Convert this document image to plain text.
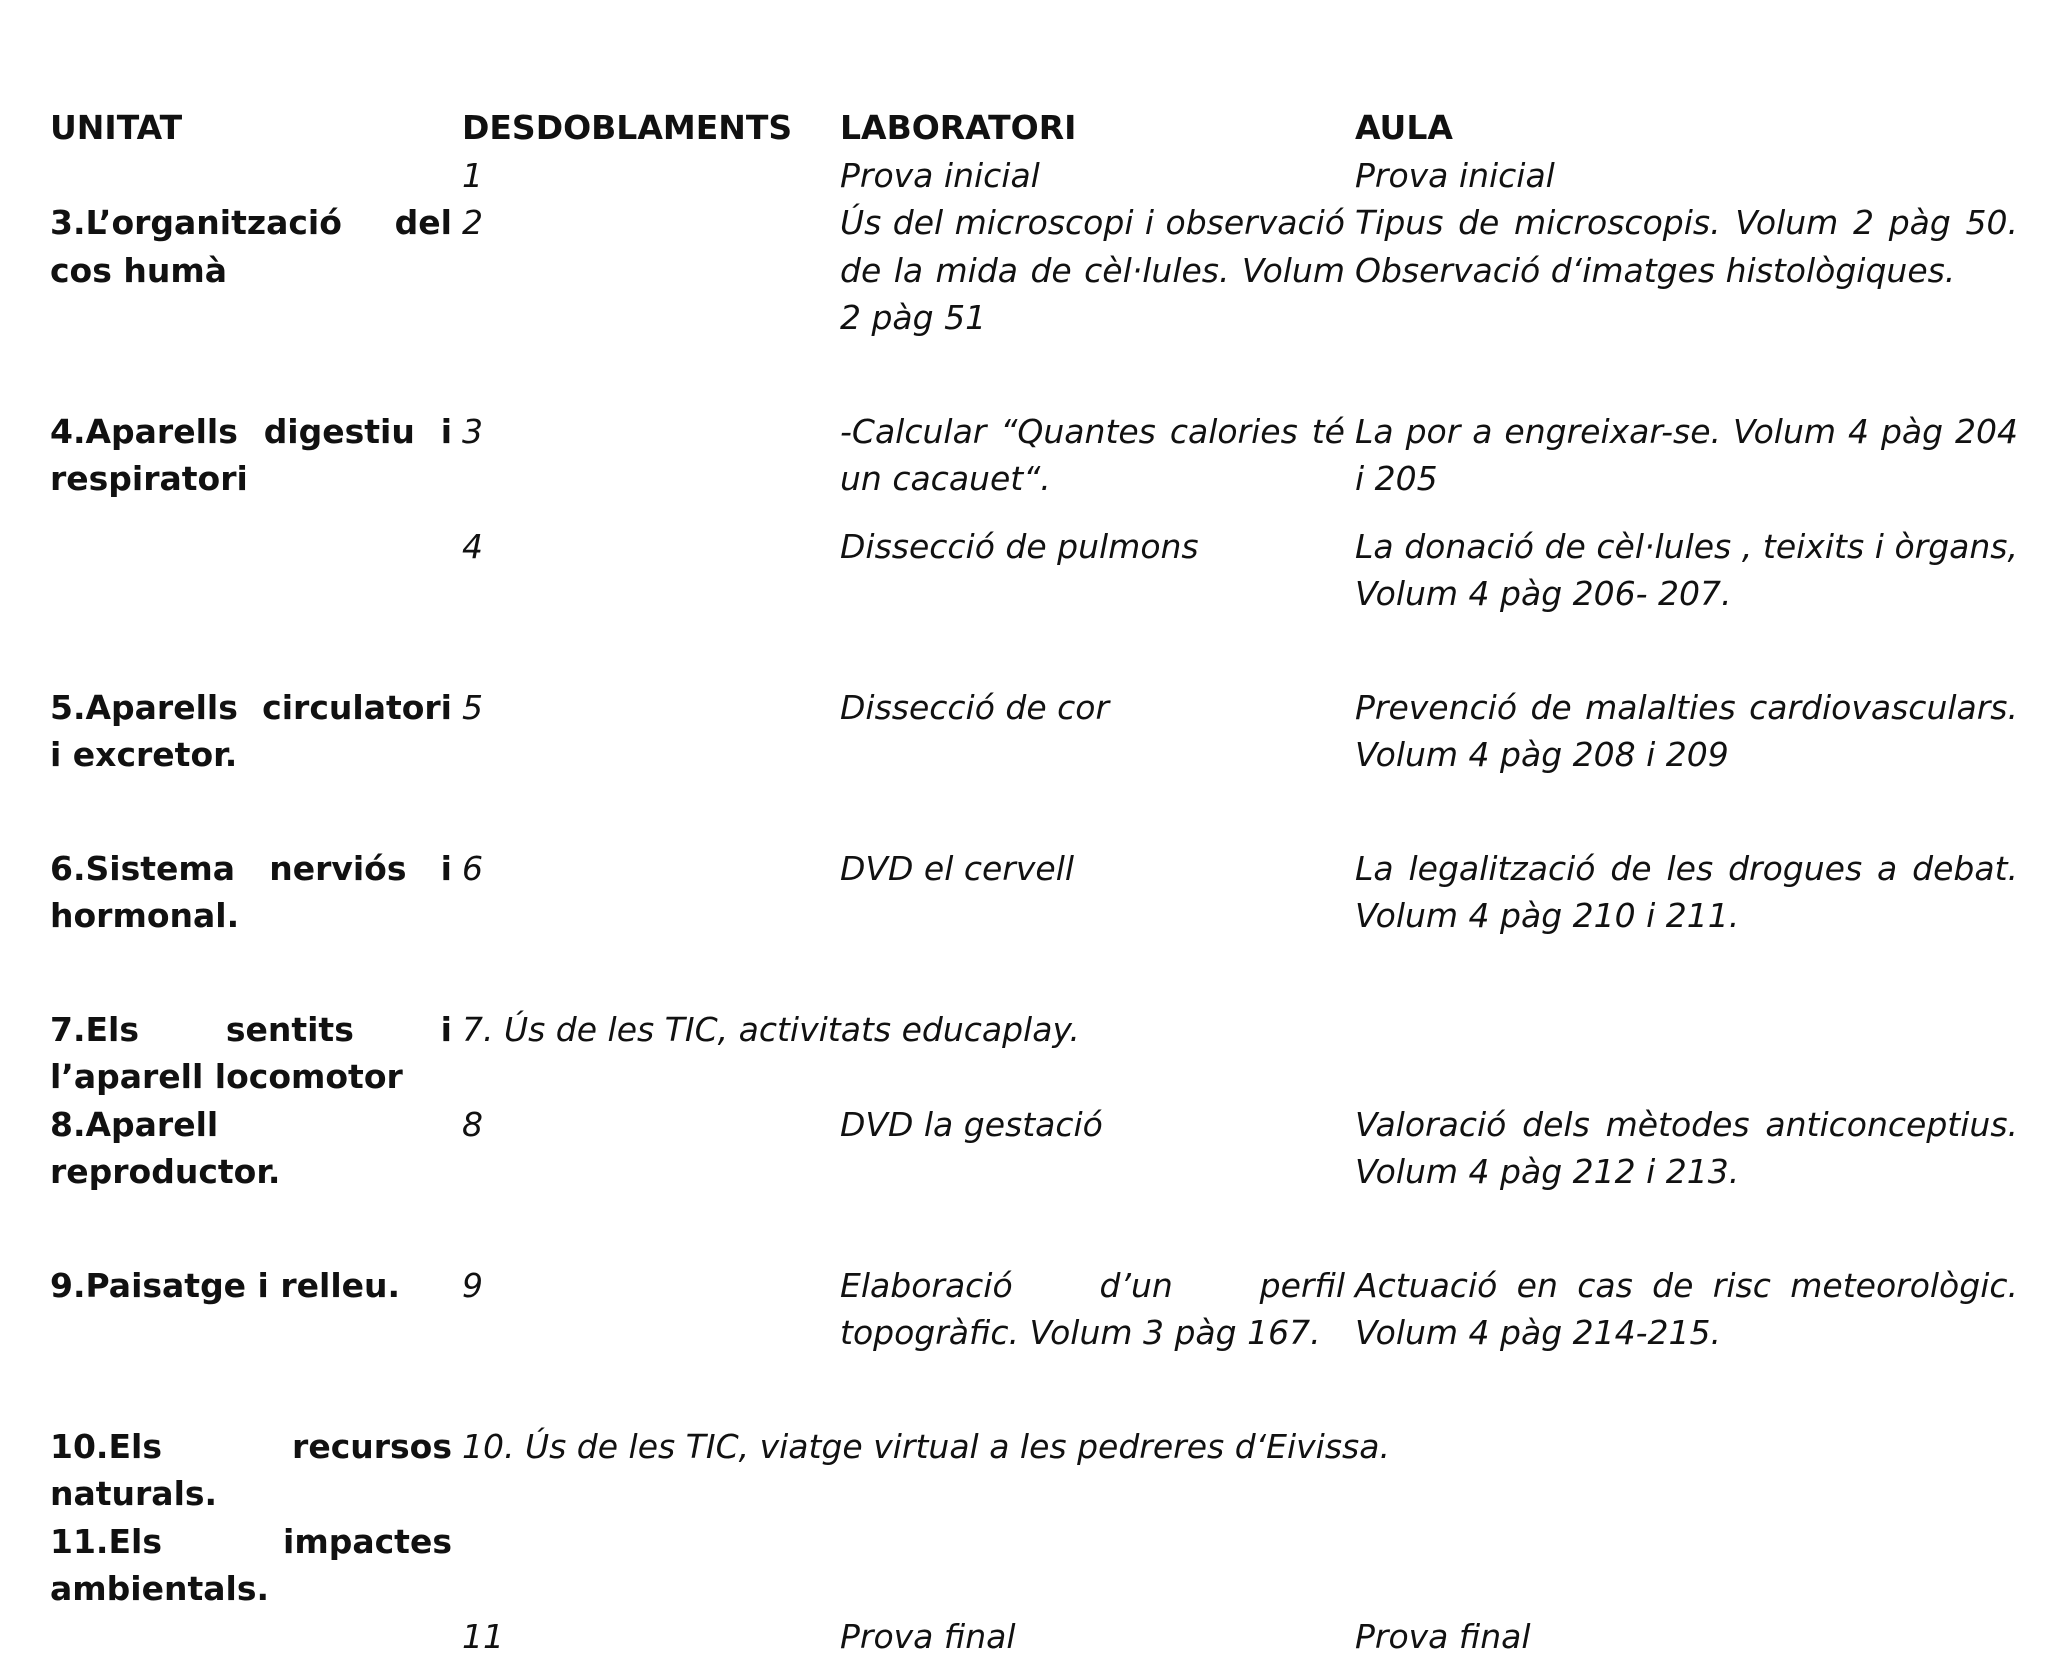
UNITAT	DESDOBLAMENTS	LABORATORI	AULA
	1	Prova inicial	Prova inicial
3.L’organització del cos humà	2	Ús del microscopi i observació de la mida de cèl·lules. Volum 2 pàg 51	Tipus de microscopis. Volum 2 pàg 50. Observació d‘imatges histològiques.
4.Aparells digestiu i respiratori	3	-Calcular “Quantes calories té un cacauet“.	La por a engreixar-se. Volum 4 pàg 204 i 205
	4	Dissecció de pulmons	La donació de cèl·lules , teixits i òrgans, Volum 4 pàg 206- 207.
5.Aparells circulatori i excretor.	5	Dissecció de cor	Prevenció de malalties cardiovasculars. Volum 4 pàg 208 i 209
6.Sistema nerviós i hormonal.	6	DVD el cervell	La legalització de les drogues a debat. Volum 4 pàg 210 i 211.
7.Els sentits i l’aparell locomotor	7. Ús de les TIC, activitats educaplay.		
8.Aparell reproductor.	8	DVD la gestació	Valoració dels mètodes anticonceptius. Volum 4 pàg 212 i 213.
9.Paisatge i relleu.	9	Elaboració d’un perfil topogràfic. Volum 3 pàg 167.	Actuació en cas de risc meteorològic. Volum 4 pàg 214-215.
10.Els recursos naturals.	10. Ús de les TIC, viatge virtual a les pedreres d‘Eivissa.		
11.Els impactes ambientals.			
	11	Prova final	Prova final
